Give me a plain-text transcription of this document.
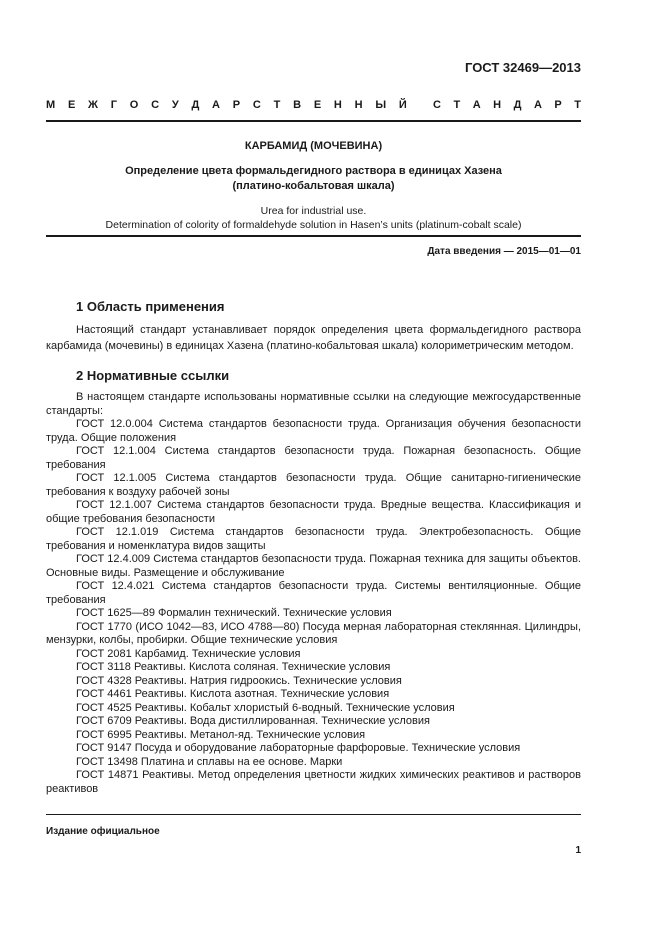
ГОСТ 32469—2013
М Е Ж Г О С У Д А Р С Т В Е Н Н Ы Й С Т А Н Д А Р Т
КАРБАМИД (МОЧЕВИНА)
Определение цвета формальдегидного раствора в единицах Хазена
(платино-кобальтовая шкала)
Urea for industrial use.
Determination of colority of formaldehyde solution in Hasen’s units (platinum-cobalt scale)
Дата введения — 2015—01—01
1 Область применения

Настоящий стандарт устанавливает порядок определения цвета формальдегидного раствора карбамида (мочевины) в единицах Хазена (платино-кобальтовая шкала) колориметрическим методом.

2 Нормативные ссылки

В настоящем стандарте использованы нормативные ссылки на следующие межгосударственные стандарты:

ГОСТ 12.0.004 Система стандартов безопасности труда. Организация обучения безопасности труда. Общие положения

ГОСТ 12.1.004 Система стандартов безопасности труда. Пожарная безопасность. Общие требования

ГОСТ 12.1.005 Система стандартов безопасности труда. Общие санитарно-гигиенические требования к воздуху рабочей зоны

ГОСТ 12.1.007 Система стандартов безопасности труда. Вредные вещества. Классификация и общие требования безопасности

ГОСТ 12.1.019 Система стандартов безопасности труда. Электробезопасность. Общие требования и номенклатура видов защиты

ГОСТ 12.4.009 Система стандартов безопасности труда. Пожарная техника для защиты объектов. Основные виды. Размещение и обслуживание

ГОСТ 12.4.021 Система стандартов безопасности труда. Системы вентиляционные. Общие требования

ГОСТ 1625—89 Формалин технический. Технические условия

ГОСТ 1770 (ИСО 1042—83, ИСО 4788—80) Посуда мерная лабораторная стеклянная. Цилиндры, мензурки, колбы, пробирки. Общие технические условия

ГОСТ 2081 Карбамид. Технические условия

ГОСТ 3118 Реактивы. Кислота соляная. Технические условия

ГОСТ 4328 Реактивы. Натрия гидроокись. Технические условия

ГОСТ 4461 Реактивы. Кислота азотная. Технические условия

ГОСТ 4525 Реактивы. Кобальт хлористый 6-водный. Технические условия

ГОСТ 6709 Реактивы. Вода дистиллированная. Технические условия

ГОСТ 6995 Реактивы. Метанол-яд. Технические условия

ГОСТ 9147 Посуда и оборудование лабораторные фарфоровые. Технические условия

ГОСТ 13498 Платина и сплавы на ее основе. Марки

ГОСТ 14871 Реактивы. Метод определения цветности жидких химических реактивов и растворов реактивов

Издание официальное
1
